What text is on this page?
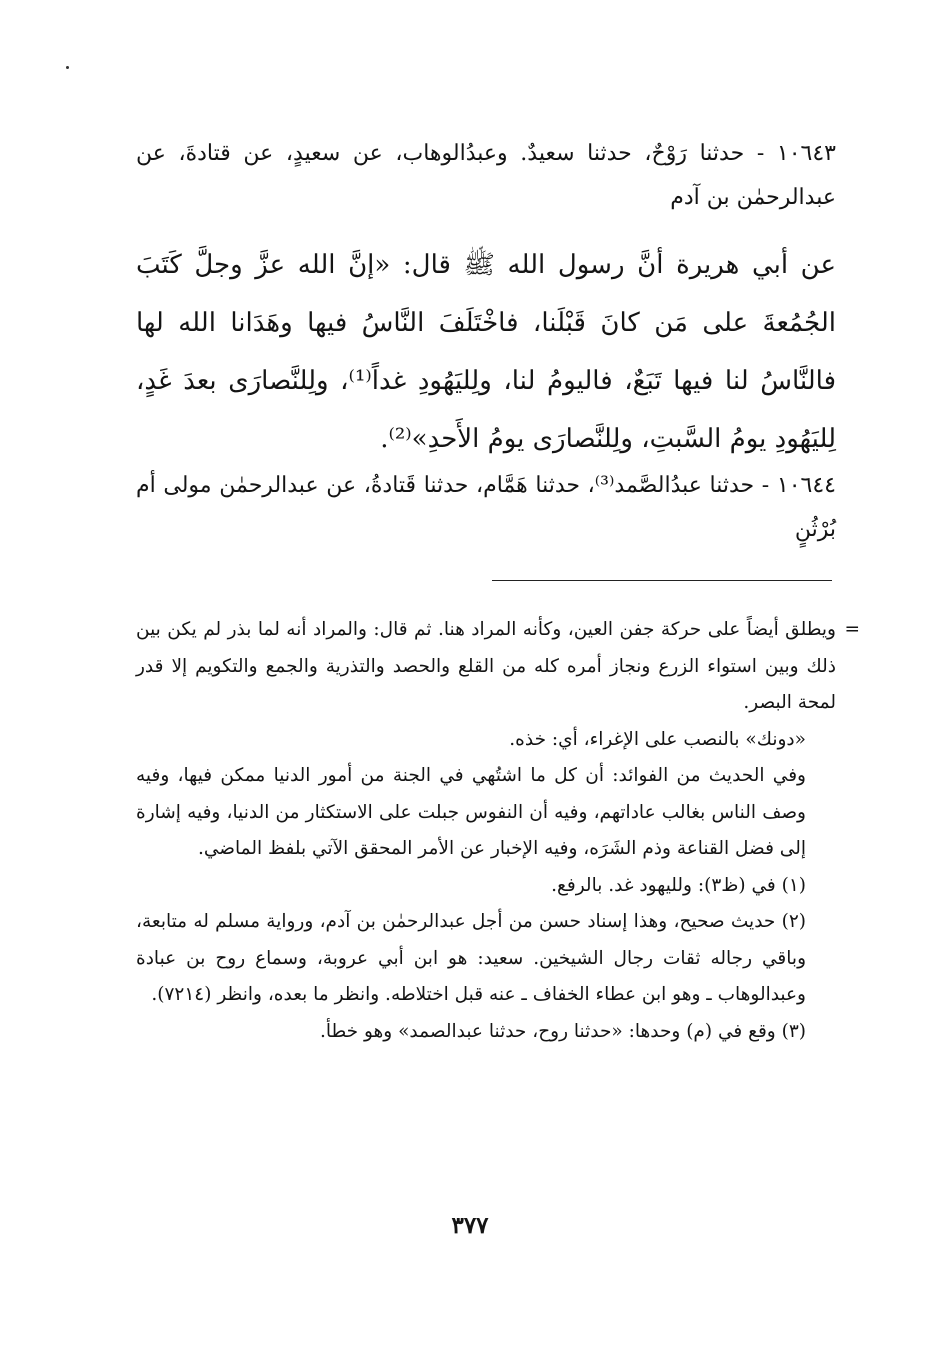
١٠٦٤٣ - حدثنا رَوْحٌ، حدثنا سعيدٌ. وعبدُالوهاب، عن سعيدٍ، عن قتادةَ، عن عبدالرحمٰن بن آدم

عن أبي هريرة أنَّ رسول الله ﷺ قال: «إنَّ الله عزَّ وجلَّ كَتَبَ الجُمُعةَ على مَن كانَ قَبْلَنا، فاخْتَلَفَ النَّاسُ فيها وهَدَانا الله لها فالنَّاسُ لنا فيها تَبَعٌ، فاليومُ لنا، ولِليَهُودِ غداً⁽¹⁾، ولِلنَّصارَى بعدَ غَدٍ، لِليَهُودِ يومُ السَّبتِ، ولِلنَّصارَى يومُ الأَحدِ»⁽²⁾.

١٠٦٤٤ - حدثنا عبدُالصَّمد⁽³⁾، حدثنا هَمَّام، حدثنا قَتادةُ، عن عبدالرحمٰن مولى أم بُرْثُنٍ

=
ويطلق أيضاً على حركة جفن العين، وكأنه المراد هنا. ثم قال: والمراد أنه لما بذر لم يكن بين ذلك وبين استواء الزرع ونجاز أمره كله من القلع والحصد والتذرية والجمع والتكويم إلا قدر لمحة البصر.

«دونك» بالنصب على الإغراء، أي: خذه.

وفي الحديث من الفوائد: أن كل ما اشتُهي في الجنة من أمور الدنيا ممكن فيها، وفيه وصف الناس بغالب عاداتهم، وفيه أن النفوس جبلت على الاستكثار من الدنيا، وفيه إشارة إلى فضل القناعة وذم الشَرَه، وفيه الإخبار عن الأمر المحقق الآتي بلفظ الماضي.

(١) في (ظ٣): ولليهود غد. بالرفع.

(٢) حديث صحيح، وهذا إسناد حسن من أجل عبدالرحمٰن بن آدم، ورواية مسلم له متابعة، وباقي رجاله ثقات رجال الشيخين. سعيد: هو ابن أبي عروبة، وسماع روح بن عبادة وعبدالوهاب ـ وهو ابن عطاء الخفاف ـ عنه قبل اختلاطه. وانظر ما بعده، وانظر (٧٢١٤).

(٣) وقع في (م) وحدها: «حدثنا روح، حدثنا عبدالصمد» وهو خطأ.

٣٧٧
